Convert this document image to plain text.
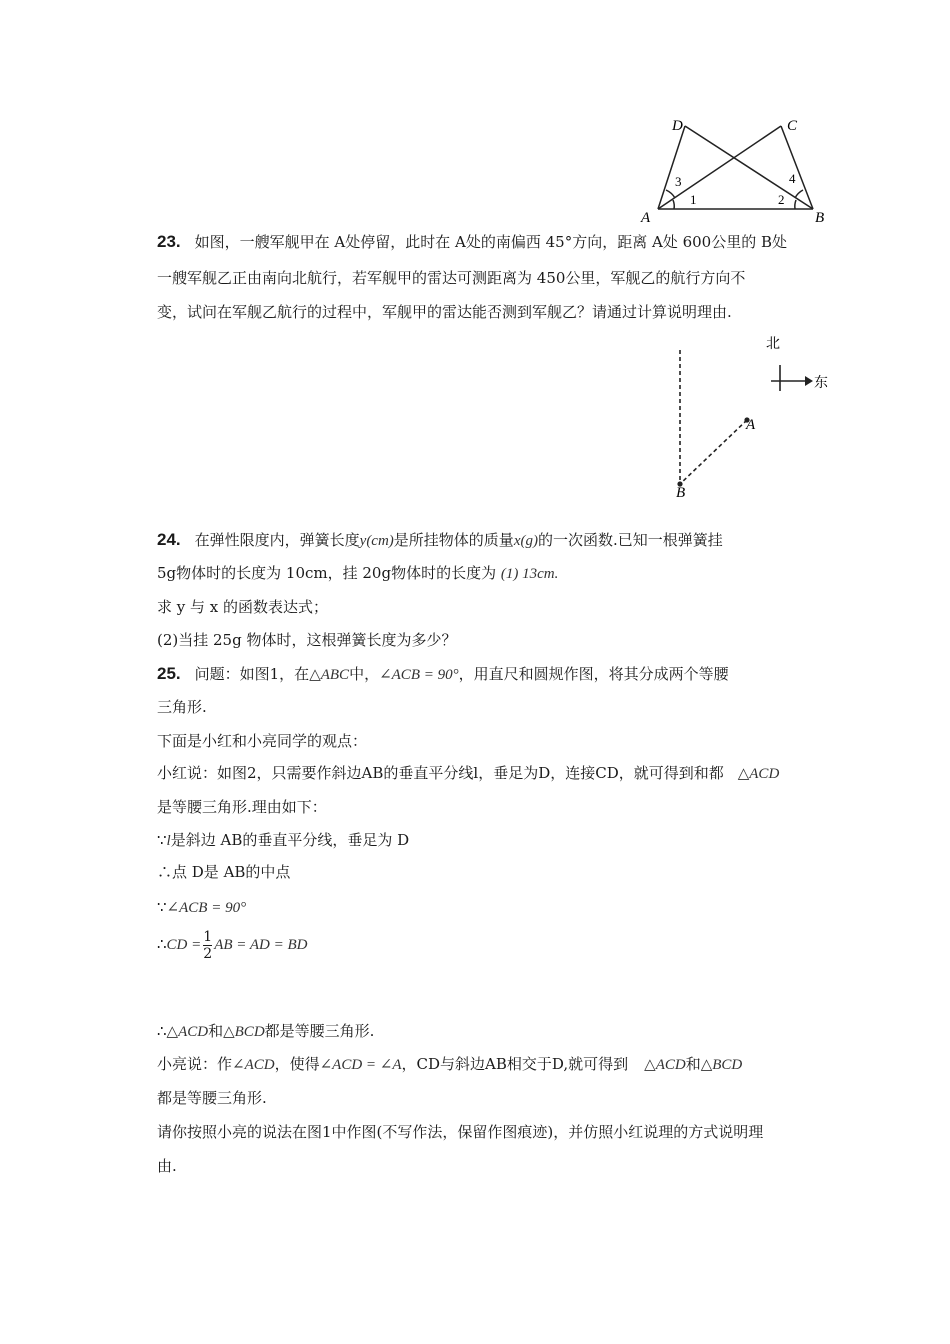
D	C
A	B
1	2
3	4
23. 如图，一艘军舰甲在 A处停留，此时在 A处的南偏西 45°方向，距离 A处 600公里的 B处
一艘军舰乙正由南向北航行，若军舰甲的雷达可测距离为 450公里，军舰乙的航行方向不
变，试问在军舰乙航行的过程中，军舰甲的雷达能否测到军舰乙？请通过计算说明理由.
北
东
A
B
24. 在弹性限度内，弹簧长度y(cm)是所挂物体的质量x(g)的一次函数.已知一根弹簧挂
5g物体时的长度为 10cm，挂 20g物体时的长度为 (1) 13cm.
求 y 与 x 的函数表达式；
(2)当挂 25g 物体时，这根弹簧长度为多少？
25. 问题：如图1，在△ABC中，∠ACB = 90°，用直尺和圆规作图，将其分成两个等腰
三角形.
下面是小红和小亮同学的观点：
小红说：如图2，只需要作斜边AB的垂直平分线l，垂足为D，连接CD，就可得到和都 △ACD
是等腰三角形.理由如下：
∵l是斜边 AB的垂直平分线，垂足为 D
∴点 D是 AB的中点
∵∠ACB = 90°
∴CD = $\frac{1}{2}$ AB = AD = BD
∴△ACD和△BCD都是等腰三角形.
小亮说：作∠ACD，使得∠ACD = ∠A，CD与斜边AB相交于D,就可得到 △ACD和△BCD
都是等腰三角形.
请你按照小亮的说法在图1中作图(不写作法，保留作图痕迹)，并仿照小红说理的方式说明理
由.
